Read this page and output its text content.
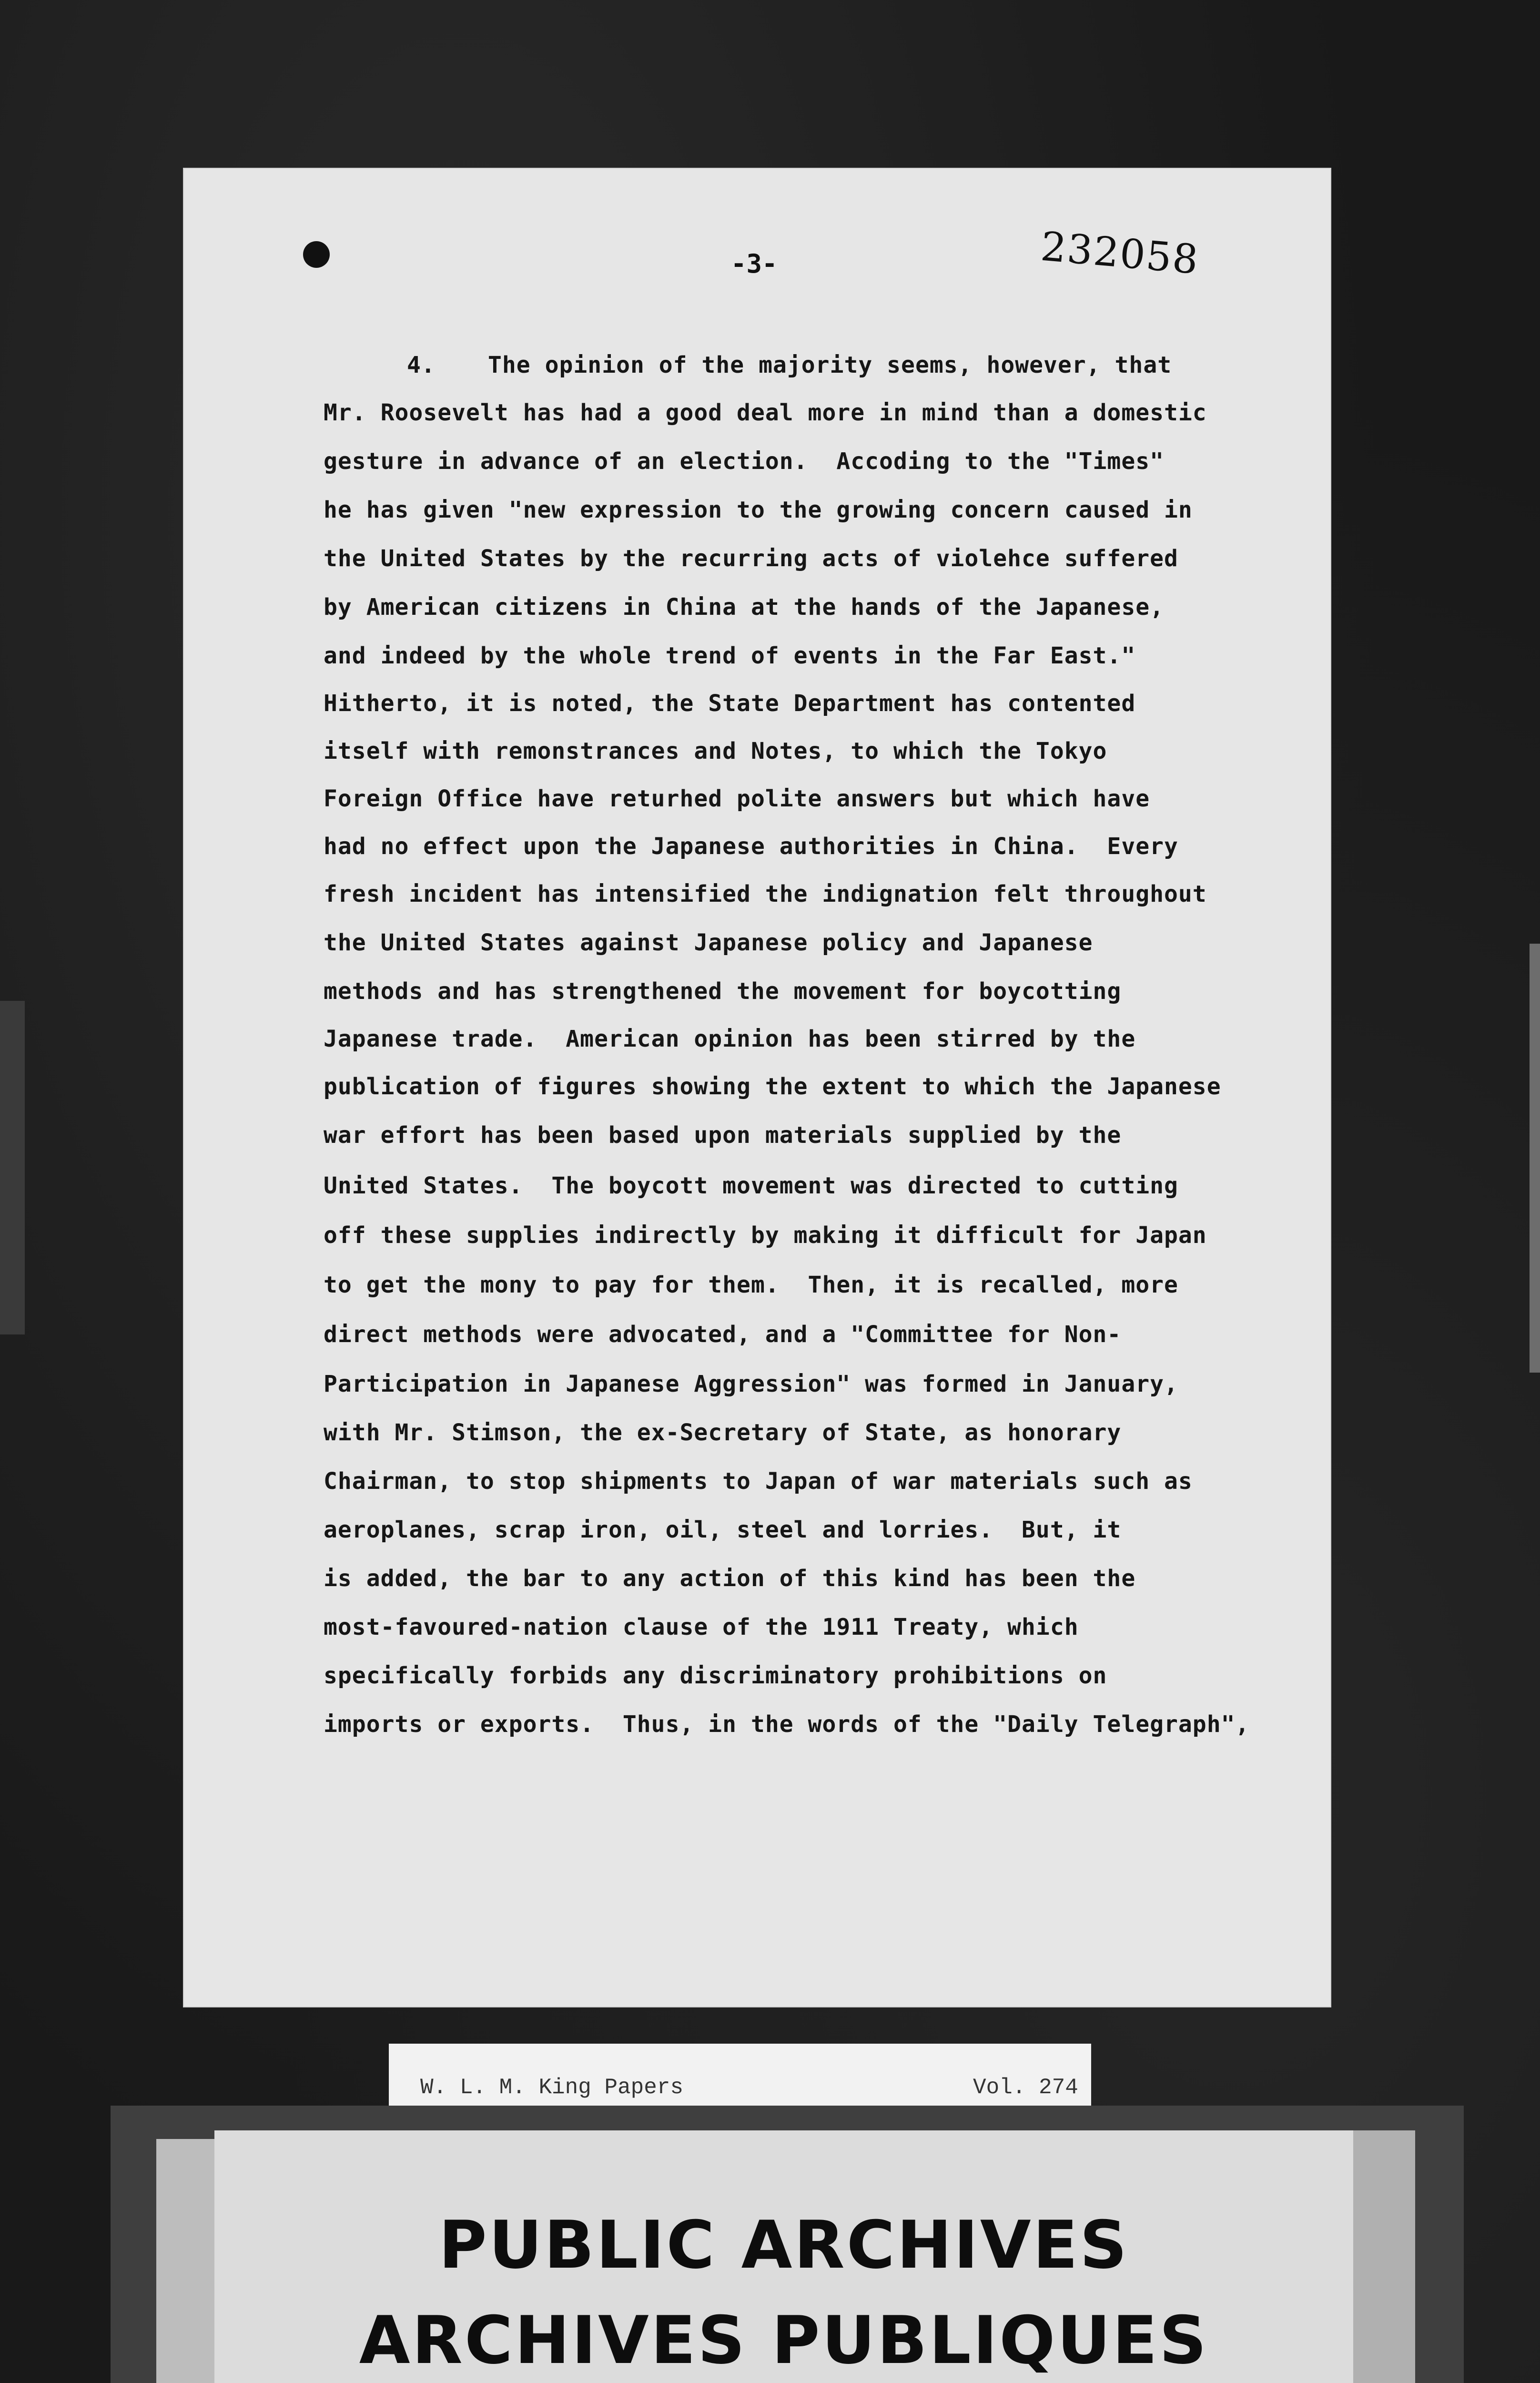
-3-	232058
4. The opinion of the majority seems, however, that
Mr. Roosevelt has had a good deal more in mind than a domestic
gesture in advance of an election.  Accoding to the "Times"
he has given "new expression to the growing concern caused in
the United States by the recurring acts of violehce suffered
by American citizens in China at the hands of the Japanese,
and indeed by the whole trend of events in the Far East."
Hitherto, it is noted, the State Department has contented
itself with remonstrances and Notes, to which the Tokyo
Foreign Office have returhed polite answers but which have
had no effect upon the Japanese authorities in China.  Every
fresh incident has intensified the indignation felt throughout
the United States against Japanese policy and Japanese
methods and has strengthened the movement for boycotting
Japanese trade.  American opinion has been stirred by the
publication of figures showing the extent to which the Japanese
war effort has been based upon materials supplied by the
United States.  The boycott movement was directed to cutting
off these supplies indirectly by making it difficult for Japan
to get the mony to pay for them.  Then, it is recalled, more
direct methods were advocated, and a "Committee for Non-
Participation in Japanese Aggression" was formed in January,
with Mr. Stimson, the ex-Secretary of State, as honorary
Chairman, to stop shipments to Japan of war materials such as
aeroplanes, scrap iron, oil, steel and lorries.  But, it
is added, the bar to any action of this kind has been the
most-favoured-nation clause of the 1911 Treaty, which
specifically forbids any discriminatory prohibitions on
imports or exports.  Thus, in the words of the "Daily Telegraph",
W. L. M. King Papers	Vol. 274
PUBLIC ARCHIVES
ARCHIVES PUBLIQUES
